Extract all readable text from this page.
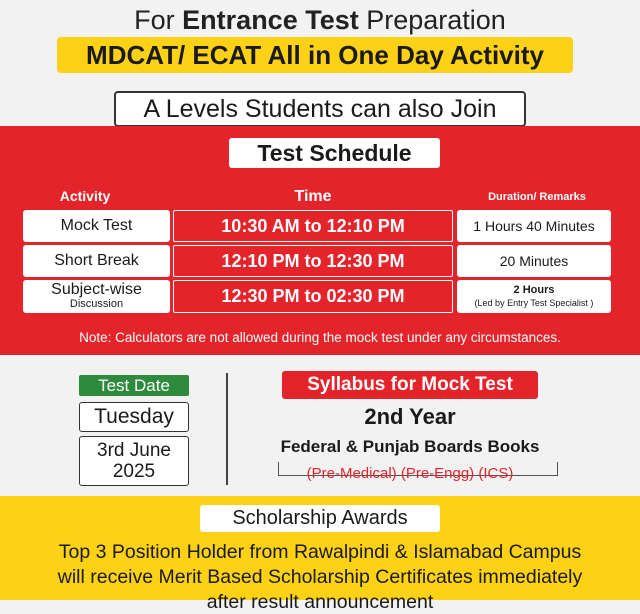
For Entrance Test Preparation
MDCAT/ ECAT All in One Day Activity
A Levels Students can also Join
Test Schedule
Activity	Time	Duration/ Remarks
Mock Test	10:30 AM to 12:10 PM	1 Hours 40 Minutes
Short Break	12:10 PM to 12:30 PM	20 Minutes
Subject-wise
Discussion	12:30 PM to 02:30 PM	2 Hours
(Led by Entry Test Specialist )
Note: Calculators are not allowed during the mock test under any circumstances.
Test Date
Tuesday
3rd June
2025
Syllabus for Mock Test
2nd Year
Federal & Punjab Boards Books
(Pre-Medical) (Pre-Engg) (ICS)
Scholarship Awards
Top 3 Position Holder from Rawalpindi & Islamabad Campus
will receive Merit Based Scholarship Certificates immediately
after result announcement
